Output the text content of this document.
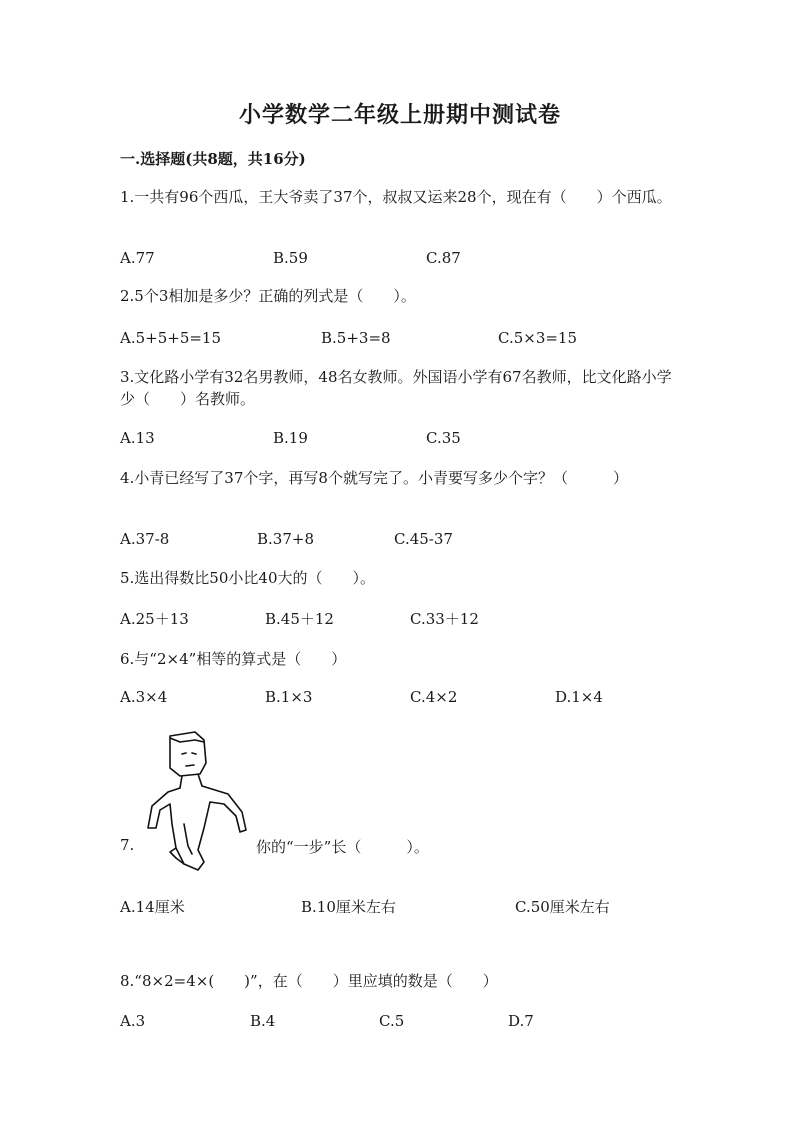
小学数学二年级上册期中测试卷
一.选择题(共8题，共16分)
1.一共有96个西瓜，王大爷卖了37个，叔叔又运来28个，现在有（　　）个西瓜。
A.77	B.59	C.87
2.5个3相加是多少？正确的列式是（　　）。
A.5+5+5=15	B.5+3=8	C.5×3=15
3.文化路小学有32名男教师，48名女教师。外国语小学有67名教师，比文化路小学少（　　）名教师。
A.13	B.19	C.35
4.小青已经写了37个字，再写8个就写完了。小青要写多少个字？（　　　）
A.37-8	B.37+8	C.45-37
5.选出得数比50小比40大的（　　）。
A.25＋13	B.45＋12	C.33＋12
6.与“2×4”相等的算式是（　　）
A.3×4	B.1×3	C.4×2	D.1×4
7.	你的“一步”长（　　　）。
A.14厘米	B.10厘米左右	C.50厘米左右
8.“8×2=4×(　　)”，在（　　）里应填的数是（　　）
A.3	B.4	C.5	D.7
